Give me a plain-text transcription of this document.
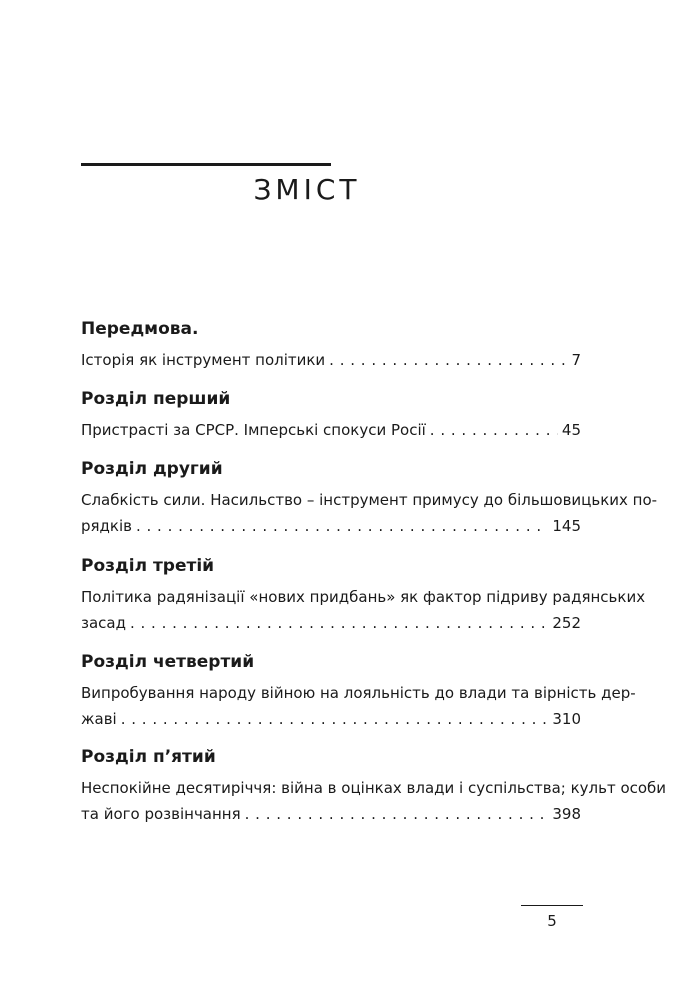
ЗМІСТ
Передмова.
Історія як інструмент політики . . .	7
Розділ перший
Пристрасті за СРСР. Імперські спокуси Росії . . .	45
Розділ другий
Слабкість сили. Насильство – інструмент примусу до більшовицьких по-
рядків . . .	145
Розділ третій
Політика радянізації «нових придбань» як фактор підриву радянських
засад . . .	252
Розділ четвертий
Випробування народу війною на лояльність до влади та вірність дер-
жаві . . .	310
Розділ п’ятий
Неспокійне десятиріччя: війна в оцінках влади і суспільства; культ особи
та його розвінчання . . .	398
5
